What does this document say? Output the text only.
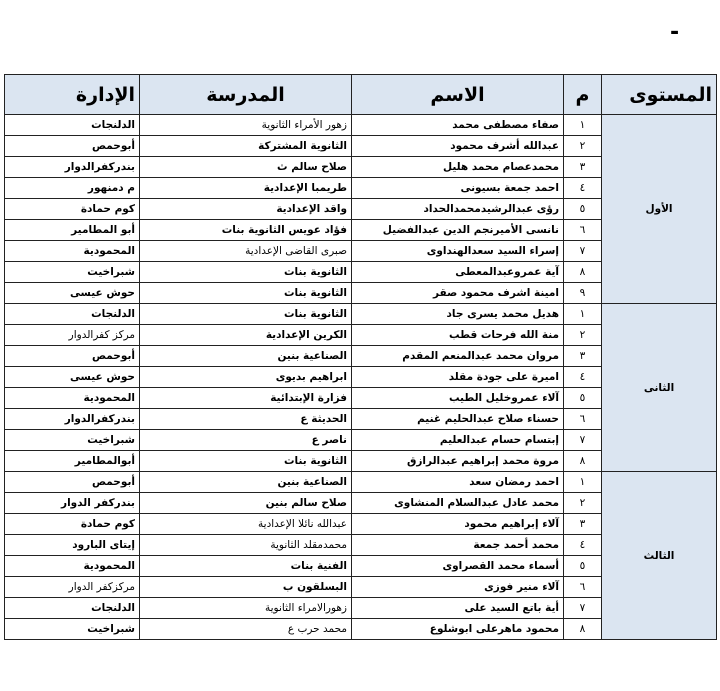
-
المستوى	م	الاسم	المدرسة	الإدارة
الأول	١	صفاء مصطفى محمد	زهور الأمراء الثانوية	الدلنجات
	٢	عبدالله أشرف محمود	الثانوية المشتركة	أبوحمص
	٣	محمدعصام محمد هليل	صلاح سالم ث	بندركفرالدوار
	٤	احمد جمعة بسيونى	طريمبا الإعدادية	م دمنهور
	٥	رؤى عبدالرشيدمحمدالحداد	واقد الإعدادية	كوم حمادة
	٦	نانسى الأميرنجم الدين عبدالفضيل	فؤاد عويس الثانوية بنات	أبو المطامير
	٧	إسراء السيد سعدالهنداوى	صبرى القاضى الإعدادية	المحمودية
	٨	آية عمروعبدالمعطى	الثانوية بنات	شبراخيت
	٩	امينة اشرف محمود صقر	الثانوية بنات	حوش عيسى
الثانى	١	هديل محمد يسرى جاد	الثانوية بنات	الدلنجات
	٢	منة الله فرحات قطب	الكرين الإعدادية	مركز كفرالدوار
	٣	مروان محمد عبدالمنعم المقدم	الصناعية بنين	أبوحمص
	٤	اميرة على جودة مقلد	ابراهيم بديوى	حوش عيسى
	٥	آلاء عمروخليل الطيب	فزارة الإبتدائية	المحمودية
	٦	حسناء صلاح عبدالحليم غنيم	الحديثة ع	بندركفرالدوار
	٧	إبتسام حسام عبدالعليم	ناصر ع	شبراخيت
	٨	مروة محمد إبراهيم عبدالرازق	الثانوية بنات	أبوالمطامير
الثالث	١	احمد رمضان سعد	الصناعية بنين	أبوحمص
	٢	محمد عادل عبدالسلام المنشاوى	صلاح سالم بنين	بندركفر الدوار
	٣	آلاء إبراهيم محمود	عبدالله نائلا الإعدادية	كوم حمادة
	٤	محمد أحمد جمعة	محمدمقلد الثانوية	إيتاى البارود
	٥	أسماء محمد القصراوى	الفنية بنات	المحمودية
	٦	آلاء منير فوزى	البسلقون ب	مركزكفر الدوار
	٧	أية باتع السيد على	زهورالامراء الثانوية	الدلنجات
	٨	محمود ماهرعلى ابوشلوع	محمد حرب ع	شبراخيت
